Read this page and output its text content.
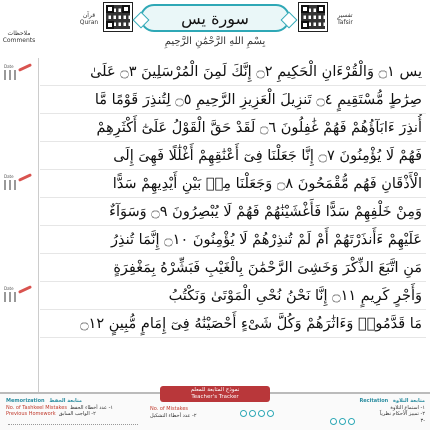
قرآن
Quran	سورة يس
بِسْمِ اللهِ الرَّحْمَٰنِ الرَّحِيمِ
تفسير
Tafsir
ملاحظات
Comments
Date
Date
Date
يس ۝١ وَالْقُرْءَانِ الْحَكِيمِ ۝٢ إِنَّكَ لَمِنَ الْمُرْسَلِينَ ۝٣ عَلَىٰ
صِرَٰطٍ مُّسْتَقِيمٍ ۝٤ تَنزِيلَ الْعَزِيزِ الرَّحِيمِ ۝٥ لِتُنذِرَ قَوْمًا مَّا
أُنذِرَ ءَابَآؤُهُمْ فَهُمْ غَٰفِلُونَ ۝٦ لَقَدْ حَقَّ الْقَوْلُ عَلَىٰٓ أَكْثَرِهِمْ
فَهُمْ لَا يُؤْمِنُونَ ۝٧ إِنَّا جَعَلْنَا فِىٓ أَعْنَٰقِهِمْ أَغْلَٰلًا فَهِىَ إِلَى
الْأَذْقَانِ فَهُم مُّقْمَحُونَ ۝٨ وَجَعَلْنَا مِنۢ بَيْنِ أَيْدِيهِمْ سَدًّا
وَمِنْ خَلْفِهِمْ سَدًّا فَأَغْشَيْنَٰهُمْ فَهُمْ لَا يُبْصِرُونَ ۝٩ وَسَوَآءٌ
عَلَيْهِمْ ءَأَنذَرْتَهُمْ أَمْ لَمْ تُنذِرْهُمْ لَا يُؤْمِنُونَ ۝١٠ إِنَّمَا تُنذِرُ
مَنِ اتَّبَعَ الذِّكْرَ وَخَشِىَ الرَّحْمَٰنَ بِالْغَيْبِ فَبَشِّرْهُ بِمَغْفِرَةٍ
وَأَجْرٍ كَرِيمٍ ۝١١ إِنَّا نَحْنُ نُحْىِ الْمَوْتَىٰ وَنَكْتُبُ
مَا قَدَّمُوا۟ وَءَاثَٰرَهُمْ وَكُلَّ شَىْءٍ أَحْصَيْنَٰهُ فِىٓ إِمَامٍ مُّبِينٍ ۝١٢
نموذج المتابعة للمعلم
Teacher's Tracker
Memorization متابعة الحفظ
No. of Tashkeel Mistakes ١- عدد أخطاء الحفظ
Previous Homework ٢- الواجب السابق
No. of Mistakes
٢- عدد أخطاء التشكيل
Recitation متابعة التلاوة
١- استماع التلاوة
٢- تمييز الأحكام نظرياً
٣-
